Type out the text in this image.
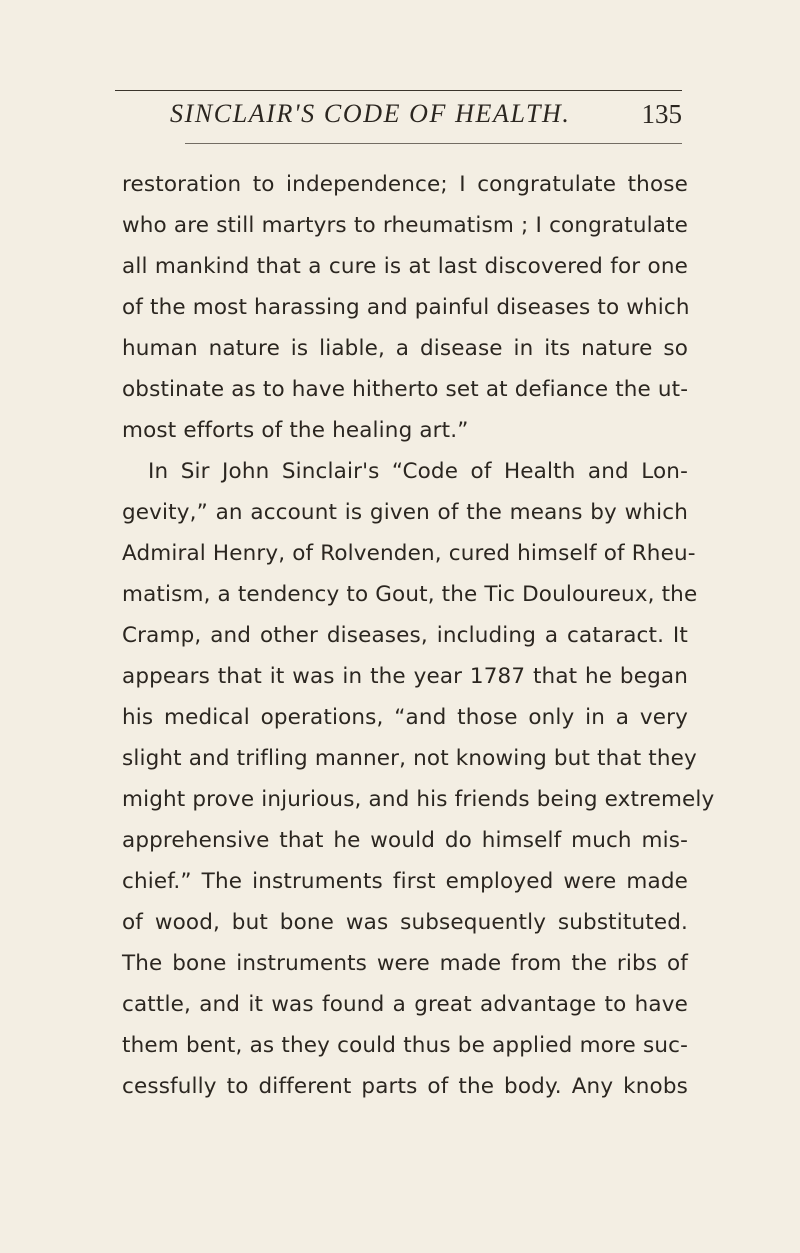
SINCLAIR'S CODE OF HEALTH.	135
restoration to independence; I congratulate those
who are still martyrs to rheumatism ; I congratulate
all mankind that a cure is at last discovered for one
of the most harassing and painful diseases to which
human nature is liable, a disease in its nature so
obstinate as to have hitherto set at defiance the ut-
most efforts of the healing art.”
In Sir John Sinclair's “Code of Health and Lon-
gevity,” an account is given of the means by which
Admiral Henry, of Rolvenden, cured himself of Rheu-
matism, a tendency to Gout, the Tic Douloureux, the
Cramp, and other diseases, including a cataract. It
appears that it was in the year 1787 that he began
his medical operations, “and those only in a very
slight and trifling manner, not knowing but that they
might prove injurious, and his friends being extremely
apprehensive that he would do himself much mis-
chief.” The instruments first employed were made
of wood, but bone was subsequently substituted.
The bone instruments were made from the ribs of
cattle, and it was found a great advantage to have
them bent, as they could thus be applied more suc-
cessfully to different parts of the body. Any knobs
